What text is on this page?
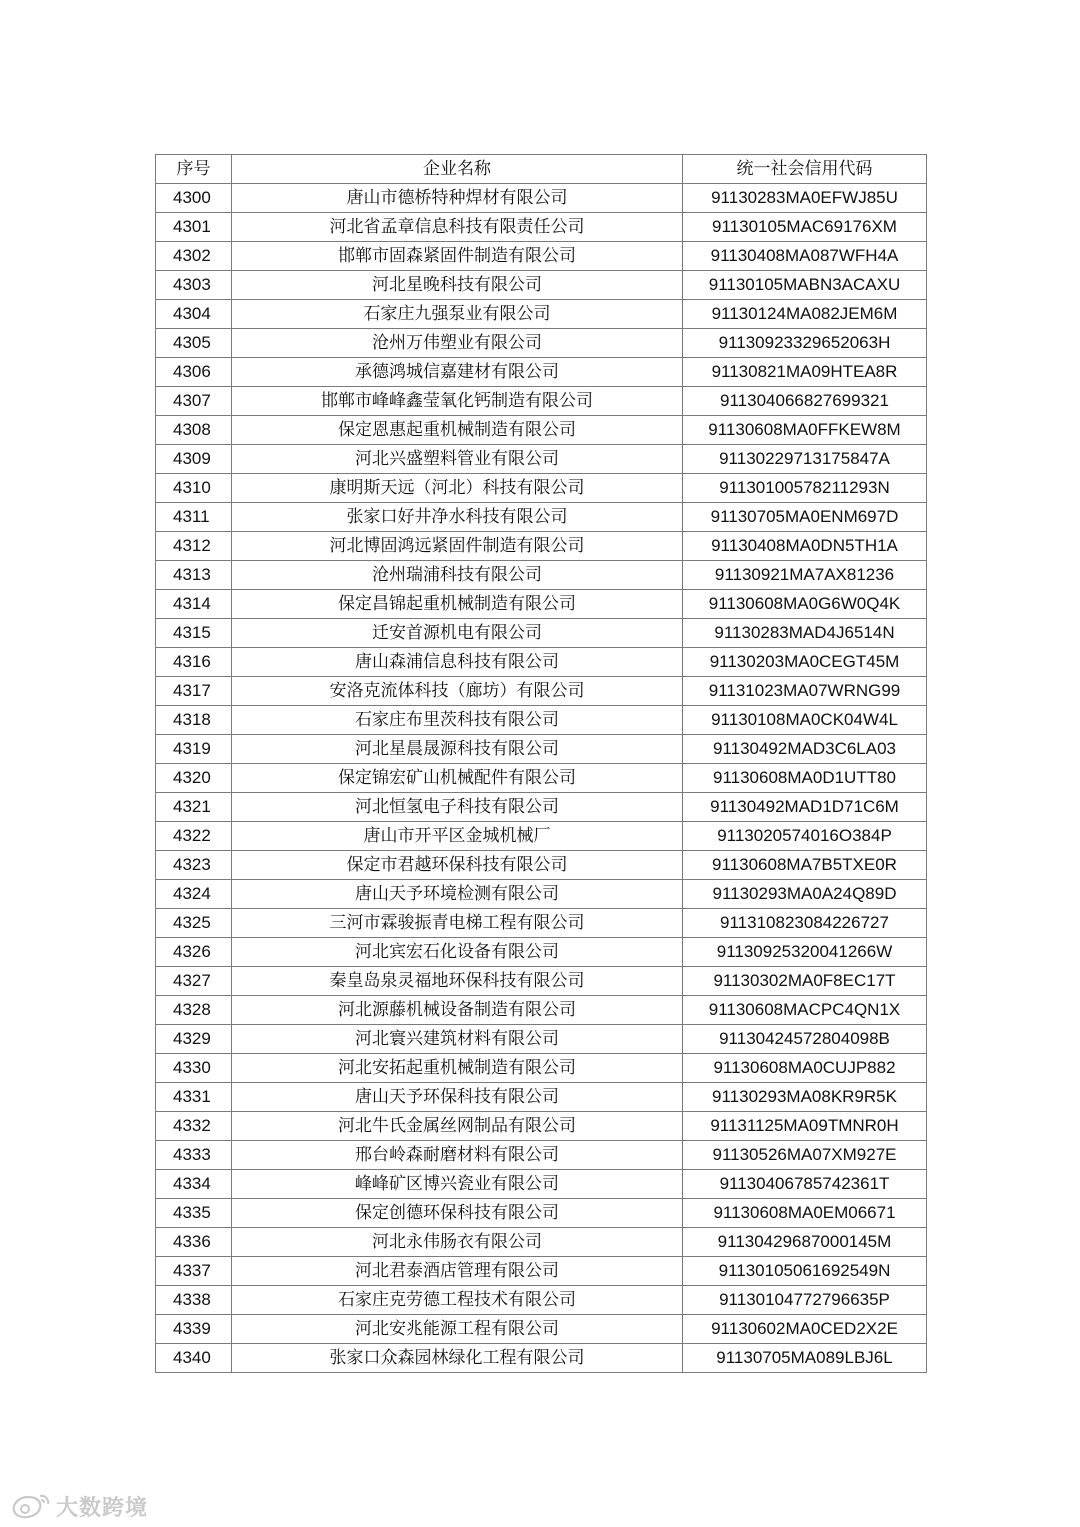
序号	企业名称	统一社会信用代码
4300	唐山市德桥特种焊材有限公司	91130283MA0EFWJ85U
4301	河北省孟章信息科技有限责任公司	91130105MAC69176XM
4302	邯郸市固森紧固件制造有限公司	91130408MA087WFH4A
4303	河北星晚科技有限公司	91130105MABN3ACAXU
4304	石家庄九强泵业有限公司	91130124MA082JEM6M
4305	沧州万伟塑业有限公司	91130923329652063H
4306	承德鸿城信嘉建材有限公司	91130821MA09HTEA8R
4307	邯郸市峰峰鑫莹氧化钙制造有限公司	911304066827699321
4308	保定恩惠起重机械制造有限公司	91130608MA0FFKEW8M
4309	河北兴盛塑料管业有限公司	91130229713175847A
4310	康明斯天远（河北）科技有限公司	91130100578211293N
4311	张家口好井净水科技有限公司	91130705MA0ENM697D
4312	河北博固鸿远紧固件制造有限公司	91130408MA0DN5TH1A
4313	沧州瑞浦科技有限公司	91130921MA7AX81236
4314	保定昌锦起重机械制造有限公司	91130608MA0G6W0Q4K
4315	迁安首源机电有限公司	91130283MAD4J6514N
4316	唐山森浦信息科技有限公司	91130203MA0CEGT45M
4317	安洛克流体科技（廊坊）有限公司	91131023MA07WRNG99
4318	石家庄布里茨科技有限公司	91130108MA0CK04W4L
4319	河北星晨晟源科技有限公司	91130492MAD3C6LA03
4320	保定锦宏矿山机械配件有限公司	91130608MA0D1UTT80
4321	河北恒氢电子科技有限公司	91130492MAD1D71C6M
4322	唐山市开平区金城机械厂	9113020574016O384P
4323	保定市君越环保科技有限公司	91130608MA7B5TXE0R
4324	唐山天予环境检测有限公司	91130293MA0A24Q89D
4325	三河市霖骏振青电梯工程有限公司	911310823084226727
4326	河北宾宏石化设备有限公司	91130925320041266W
4327	秦皇岛泉灵福地环保科技有限公司	91130302MA0F8EC17T
4328	河北源藤机械设备制造有限公司	91130608MACPC4QN1X
4329	河北寰兴建筑材料有限公司	91130424572804098B
4330	河北安拓起重机械制造有限公司	91130608MA0CUJP882
4331	唐山天予环保科技有限公司	91130293MA08KR9R5K
4332	河北牛氏金属丝网制品有限公司	91131125MA09TMNR0H
4333	邢台岭森耐磨材料有限公司	91130526MA07XM927E
4334	峰峰矿区博兴瓷业有限公司	91130406785742361T
4335	保定创德环保科技有限公司	91130608MA0EM06671
4336	河北永伟肠衣有限公司	91130429687000145M
4337	河北君泰酒店管理有限公司	91130105061692549N
4338	石家庄克劳德工程技术有限公司	91130104772796635P
4339	河北安兆能源工程有限公司	91130602MA0CED2X2E
4340	张家口众森园林绿化工程有限公司	91130705MA089LBJ6L
大数跨境
